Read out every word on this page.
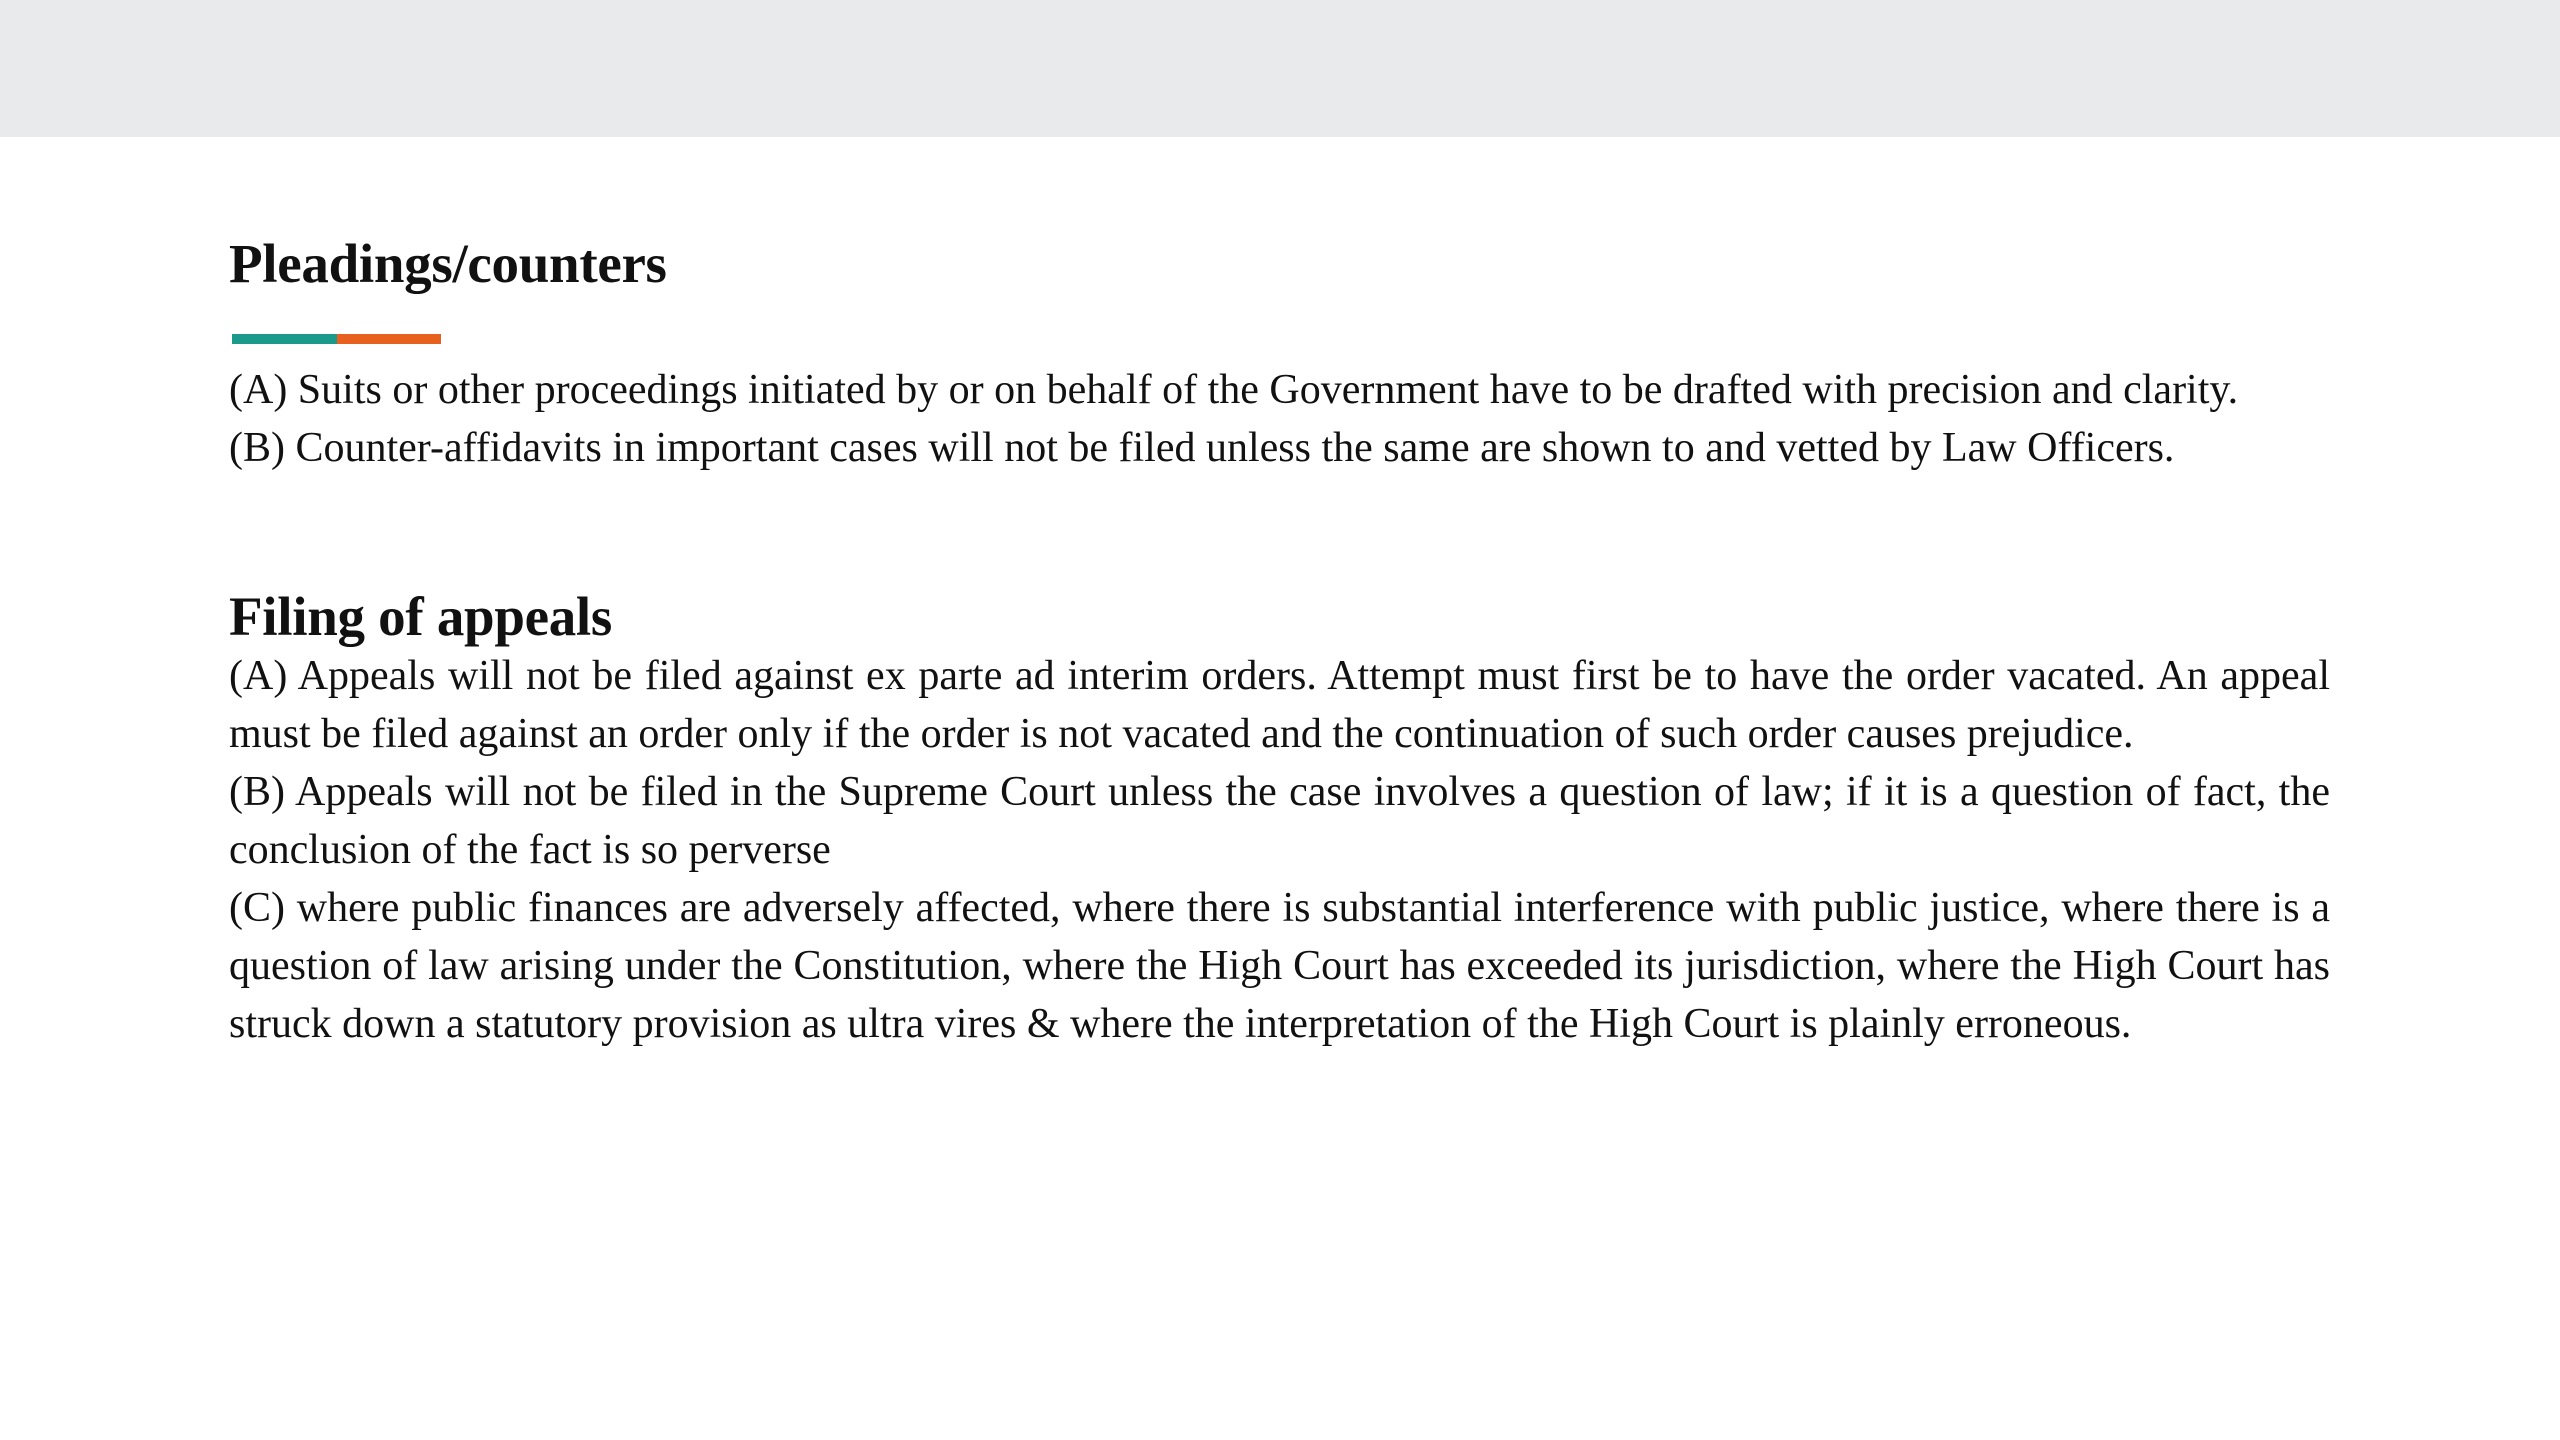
Pleadings/counters

(A) Suits or other proceedings initiated by or on behalf of the Government have to be drafted with precision and clarity.

(B) Counter-affidavits in important cases will not be filed unless the same are shown to and vetted by Law Officers.

Filing of appeals

(A) Appeals will not be filed against ex parte ad interim orders. Attempt must first be to have the order vacated. An appeal must be filed against an order only if the order is not vacated and the continuation of such order causes prejudice.

(B) Appeals will not be filed in the Supreme Court unless the case involves a question of law; if it is a question of fact, the conclusion of the fact is so perverse

(C) where public finances are adversely affected, where there is substantial interference with public justice, where there is a question of law arising under the Constitution, where the High Court has exceeded its jurisdiction, where the High Court has struck down a statutory provision as ultra vires & where the interpretation of the High Court is plainly erroneous.
